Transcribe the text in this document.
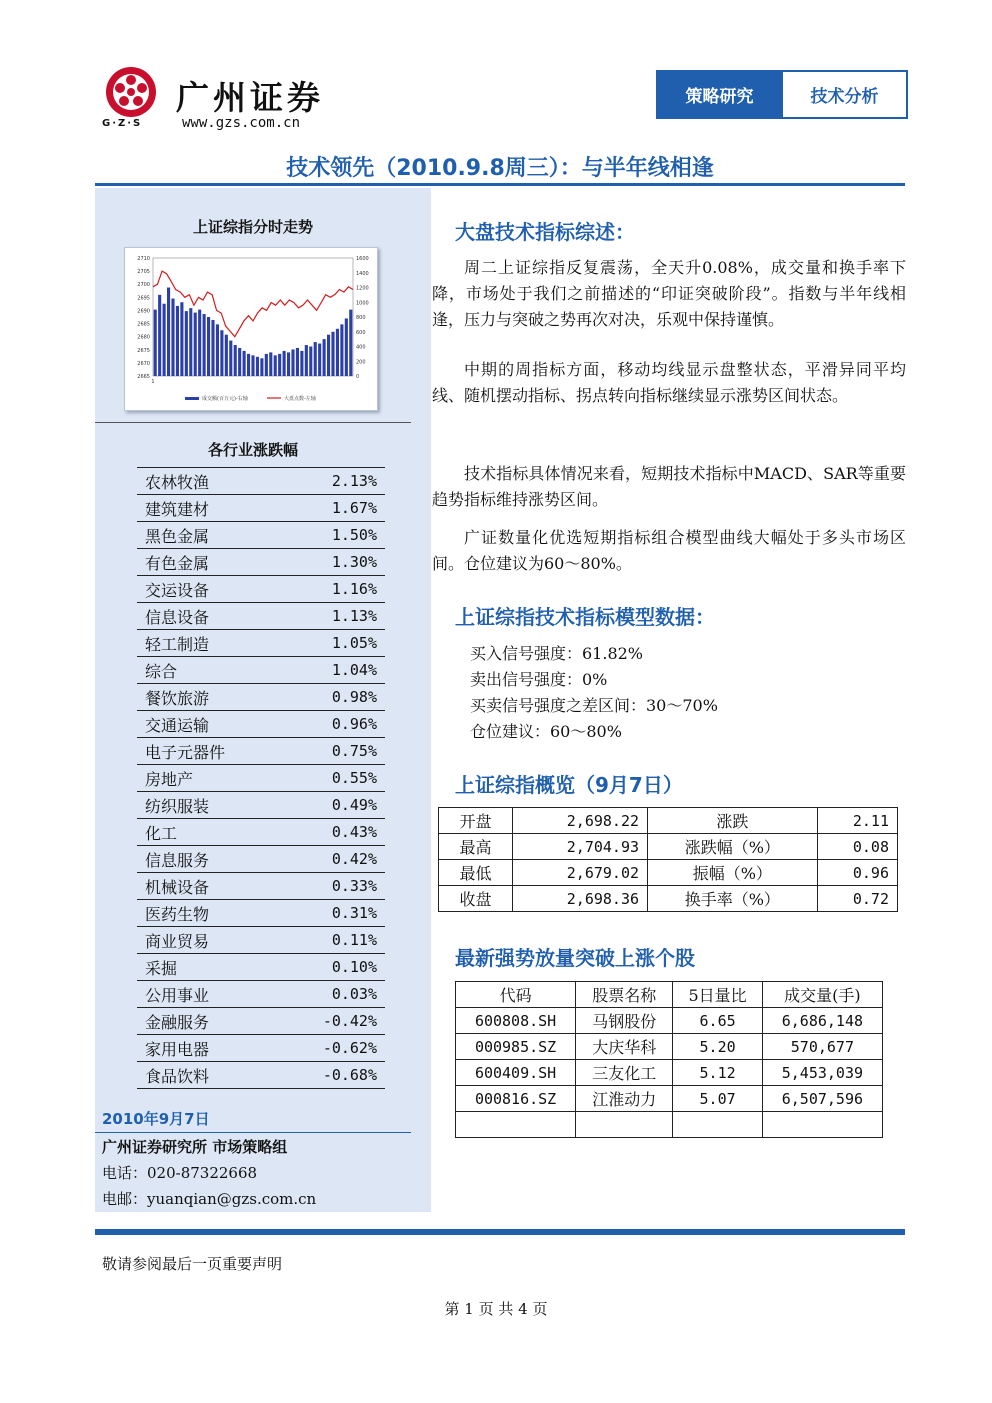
广州证券
G·Z·S	www.gzs.com.cn
策略研究	技术分析
技术领先（2010.9.8周三）：与半年线相逢
上证综指分时走势
2710
2705
2700
2695
2690
2685
2680
2675
2670
2665
1600
1400
1200
1000
800
600
400
200
0
1
成交额(百万元)-右轴	大盘点数-左轴
各行业涨跌幅
农林牧渔	2.13%
建筑建材	1.67%
黑色金属	1.50%
有色金属	1.30%
交运设备	1.16%
信息设备	1.13%
轻工制造	1.05%
综合	1.04%
餐饮旅游	0.98%
交通运输	0.96%
电子元器件	0.75%
房地产	0.55%
纺织服装	0.49%
化工	0.43%
信息服务	0.42%
机械设备	0.33%
医药生物	0.31%
商业贸易	0.11%
采掘	0.10%
公用事业	0.03%
金融服务	-0.42%
家用电器	-0.62%
食品饮料	-0.68%
2010年9月7日
广州证券研究所 市场策略组
电话：020-87322668
电邮：yuanqian@gzs.com.cn
大盘技术指标综述：
周二上证综指反复震荡，全天升0.08%，成交量和换手率下降，市场处于我们之前描述的“印证突破阶段”。指数与半年线相逢，压力与突破之势再次对决，乐观中保持谨慎。
中期的周指标方面，移动均线显示盘整状态，平滑异同平均线、随机摆动指标、拐点转向指标继续显示涨势区间状态。
技术指标具体情况来看，短期技术指标中MACD、SAR等重要趋势指标维持涨势区间。
广证数量化优选短期指标组合模型曲线大幅处于多头市场区间。仓位建议为60～80%。
上证综指技术指标模型数据：
买入信号强度：61.82%
卖出信号强度：0%
买卖信号强度之差区间：30～70%
仓位建议：60～80%
上证综指概览（9月7日）
开盘	2,698.22	涨跌	2.11
最高	2,704.93	涨跌幅（%）	0.08
最低	2,679.02	振幅（%）	0.96
收盘	2,698.36	换手率（%）	0.72
最新强势放量突破上涨个股
代码	股票名称	5日量比	成交量(手)
600808.SH	马钢股份	6.65	6,686,148
000985.SZ	大庆华科	5.20	570,677
600409.SH	三友化工	5.12	5,453,039
000816.SZ	江淮动力	5.07	6,507,596

敬请参阅最后一页重要声明
第 1 页 共 4 页
